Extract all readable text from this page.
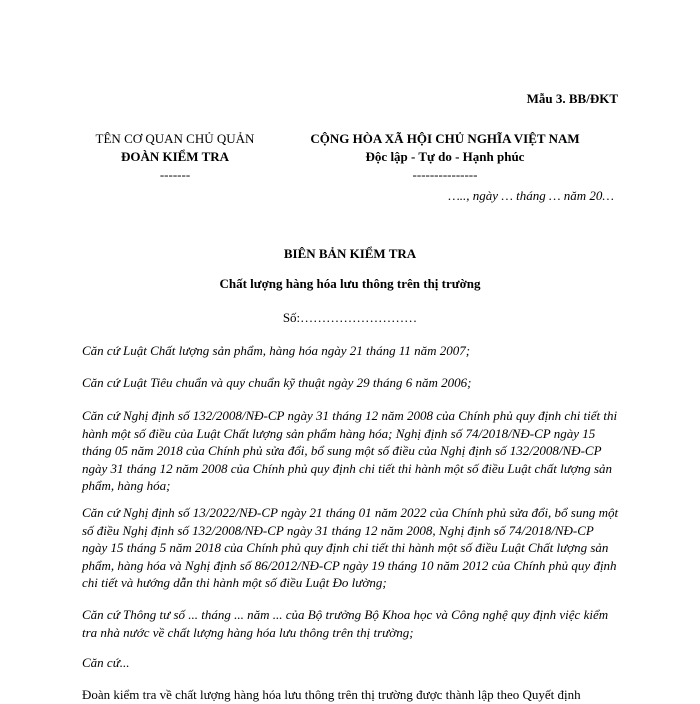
Mẫu 3. BB/ĐKT
TÊN CƠ QUAN CHỦ QUẢN
ĐOÀN KIỂM TRA
-------
CỘNG HÒA XÃ HỘI CHỦ NGHĨA VIỆT NAM
Độc lập - Tự do - Hạnh phúc
---------------
….., ngày … tháng … năm 20…
BIÊN BẢN KIỂM TRA
Chất lượng hàng hóa lưu thông trên thị trường
Số:………………………
Căn cứ Luật Chất lượng sản phẩm, hàng hóa ngày 21 tháng 11 năm 2007;
Căn cứ Luật Tiêu chuẩn và quy chuẩn kỹ thuật ngày 29 tháng 6 năm 2006;
Căn cứ Nghị định số 132/2008/NĐ-CP ngày 31 tháng 12 năm 2008 của Chính phủ quy định chi tiết thi hành một số điều của Luật Chất lượng sản phẩm hàng hóa; Nghị định số 74/2018/NĐ-CP ngày 15 tháng 05 năm 2018 của Chính phủ sửa đổi, bổ sung một số điều của Nghị định số 132/2008/NĐ-CP ngày 31 tháng 12 năm 2008 của Chính phủ quy định chi tiết thi hành một số điều Luật chất lượng sản phẩm, hàng hóa;
Căn cứ Nghị định số 13/2022/NĐ-CP ngày 21 tháng 01 năm 2022 của Chính phủ sửa đổi, bổ sung một số điều Nghị định số 132/2008/NĐ-CP ngày 31 tháng 12 năm 2008, Nghị định số 74/2018/NĐ-CP ngày 15 tháng 5 năm 2018 của Chính phủ quy định chi tiết thi hành một số điều Luật Chất lượng sản phẩm, hàng hóa và Nghị định số 86/2012/NĐ-CP ngày 19 tháng 10 năm 2012 của Chính phủ quy định chi tiết và hướng dẫn thi hành một số điều Luật Đo lường;
Căn cứ Thông tư số ... tháng ... năm ... của Bộ trưởng Bộ Khoa học và Công nghệ quy định việc kiểm tra nhà nước về chất lượng hàng hóa lưu thông trên thị trường;
Căn cứ...
Đoàn kiểm tra về chất lượng hàng hóa lưu thông trên thị trường được thành lập theo Quyết định
